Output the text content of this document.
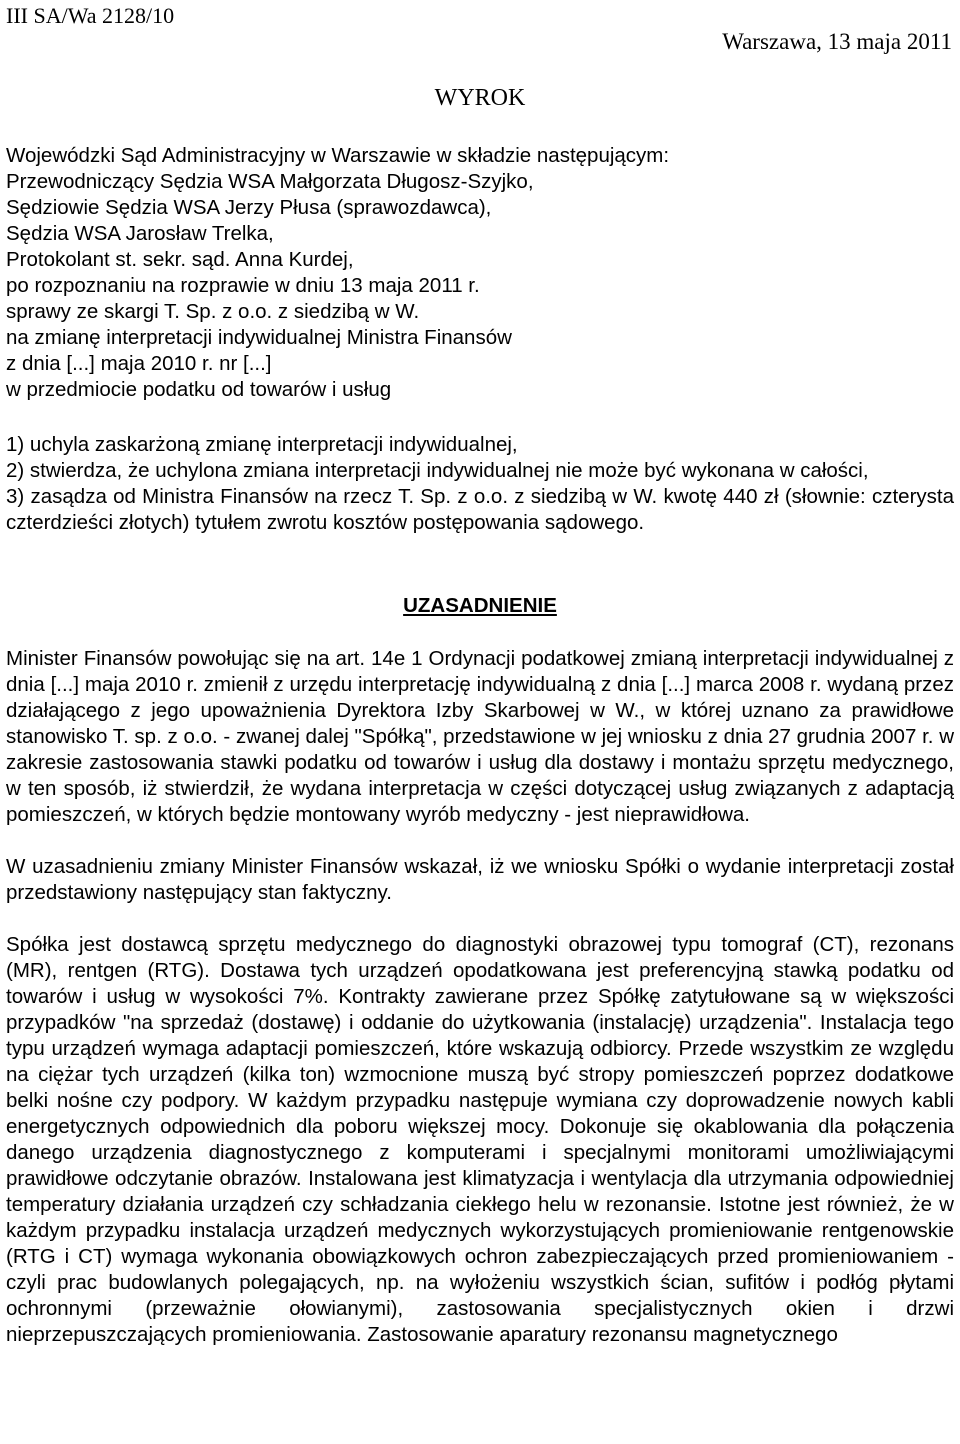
III SA/Wa 2128/10
Warszawa, 13 maja 2011
WYROK
Wojewódzki Sąd Administracyjny w Warszawie w składzie następującym:
Przewodniczący Sędzia WSA Małgorzata Długosz-Szyjko,
Sędziowie Sędzia WSA Jerzy Płusa (sprawozdawca),
Sędzia WSA Jarosław Trelka,
Protokolant st. sekr. sąd. Anna Kurdej,
po rozpoznaniu na rozprawie w dniu 13 maja 2011 r.
sprawy ze skargi T. Sp. z o.o. z siedzibą w W.
na zmianę interpretacji indywidualnej Ministra Finansów
z dnia [...] maja 2010 r. nr [...]
w przedmiocie podatku od towarów i usług

1) uchyla zaskarżoną zmianę interpretacji indywidualnej,

2) stwierdza, że uchylona zmiana interpretacji indywidualnej nie może być wykonana w całości,

3) zasądza od Ministra Finansów na rzecz T. Sp. z o.o. z siedzibą w W. kwotę 440 zł (słownie: czterysta czterdzieści złotych) tytułem zwrotu kosztów postępowania sądowego.

UZASADNIENIE

Minister Finansów powołując się na art. 14e 1 Ordynacji podatkowej zmianą interpretacji indywidualnej z dnia [...] maja 2010 r. zmienił z urzędu interpretację indywidualną z dnia [...] marca 2008 r. wydaną przez działającego z jego upoważnienia Dyrektora Izby Skarbowej w W., w której uznano za prawidłowe stanowisko T. sp. z o.o. - zwanej dalej "Spółką", przedstawione w jej wniosku z dnia 27 grudnia 2007 r. w zakresie zastosowania stawki podatku od towarów i usług dla dostawy i montażu sprzętu medycznego, w ten sposób, iż stwierdził, że wydana interpretacja w części dotyczącej usług związanych z adaptacją pomieszczeń, w których będzie montowany wyrób medyczny - jest nieprawidłowa.

W uzasadnieniu zmiany Minister Finansów wskazał, iż we wniosku Spółki o wydanie interpretacji został przedstawiony następujący stan faktyczny.

Spółka jest dostawcą sprzętu medycznego do diagnostyki obrazowej typu tomograf (CT), rezonans (MR), rentgen (RTG). Dostawa tych urządzeń opodatkowana jest preferencyjną stawką podatku od towarów i usług w wysokości 7%. Kontrakty zawierane przez Spółkę zatytułowane są w większości przypadków "na sprzedaż (dostawę) i oddanie do użytkowania (instalację) urządzenia". Instalacja tego typu urządzeń wymaga adaptacji pomieszczeń, które wskazują odbiorcy. Przede wszystkim ze względu na ciężar tych urządzeń (kilka ton) wzmocnione muszą być stropy pomieszczeń poprzez dodatkowe belki nośne czy podpory. W każdym przypadku następuje wymiana czy doprowadzenie nowych kabli energetycznych odpowiednich dla poboru większej mocy. Dokonuje się okablowania dla połączenia danego urządzenia diagnostycznego z komputerami i specjalnymi monitorami umożliwiającymi prawidłowe odczytanie obrazów. Instalowana jest klimatyzacja i wentylacja dla utrzymania odpowiedniej temperatury działania urządzeń czy schładzania ciekłego helu w rezonansie. Istotne jest również, że w każdym przypadku instalacja urządzeń medycznych wykorzystujących promieniowanie rentgenowskie (RTG i CT) wymaga wykonania obowiązkowych ochron zabezpieczających przed promieniowaniem - czyli prac budowlanych polegających, np. na wyłożeniu wszystkich ścian, sufitów i podłóg płytami ochronnymi (przeważnie ołowianymi), zastosowania specjalistycznych okien i drzwi nieprzepuszczających promieniowania. Zastosowanie aparatury rezonansu magnetycznego
